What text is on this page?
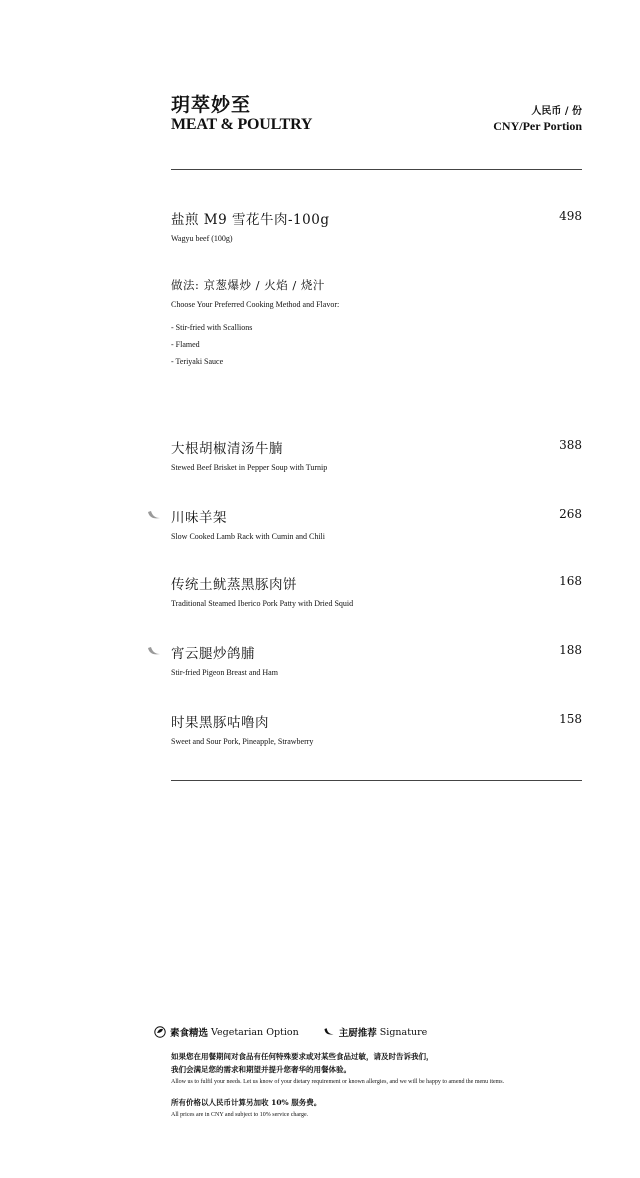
玥萃妙至
MEAT & POULTRY
人民币 / 份
CNY/Per Portion
盐煎 M9 雪花牛肉-100g
Wagyu beef (100g)
498
做法: 京葱爆炒 / 火焰 / 烧汁
Choose Your Preferred Cooking Method and Flavor:
- Stir-fried with Scallions
- Flamed
- Teriyaki Sauce
大根胡椒清汤牛腩
Stewed Beef Brisket in Pepper Soup with Turnip
388
川味羊架
Slow Cooked Lamb Rack with Cumin and Chili
268
传统土鱿蒸黑豚肉饼
Traditional Steamed Iberico Pork Patty with Dried Squid
168
宵云腿炒鸽脯
Stir-fried Pigeon Breast and Ham
188
时果黑豚咕噜肉
Sweet and Sour Pork, Pineapple, Strawberry
158
素食精选 Vegetarian Option	主厨推荐 Signature
如果您在用餐期间对食品有任何特殊要求或对某些食品过敏，请及时告诉我们，
我们会满足您的需求和期望并提升您奢华的用餐体验。
Allow us to fulfil your needs. Let us know of your dietary requirement or known allergies, and we will be happy to amend the menu items.
所有价格以人民币计算另加收 10% 服务费。
All prices are in CNY and subject to 10% service charge.
